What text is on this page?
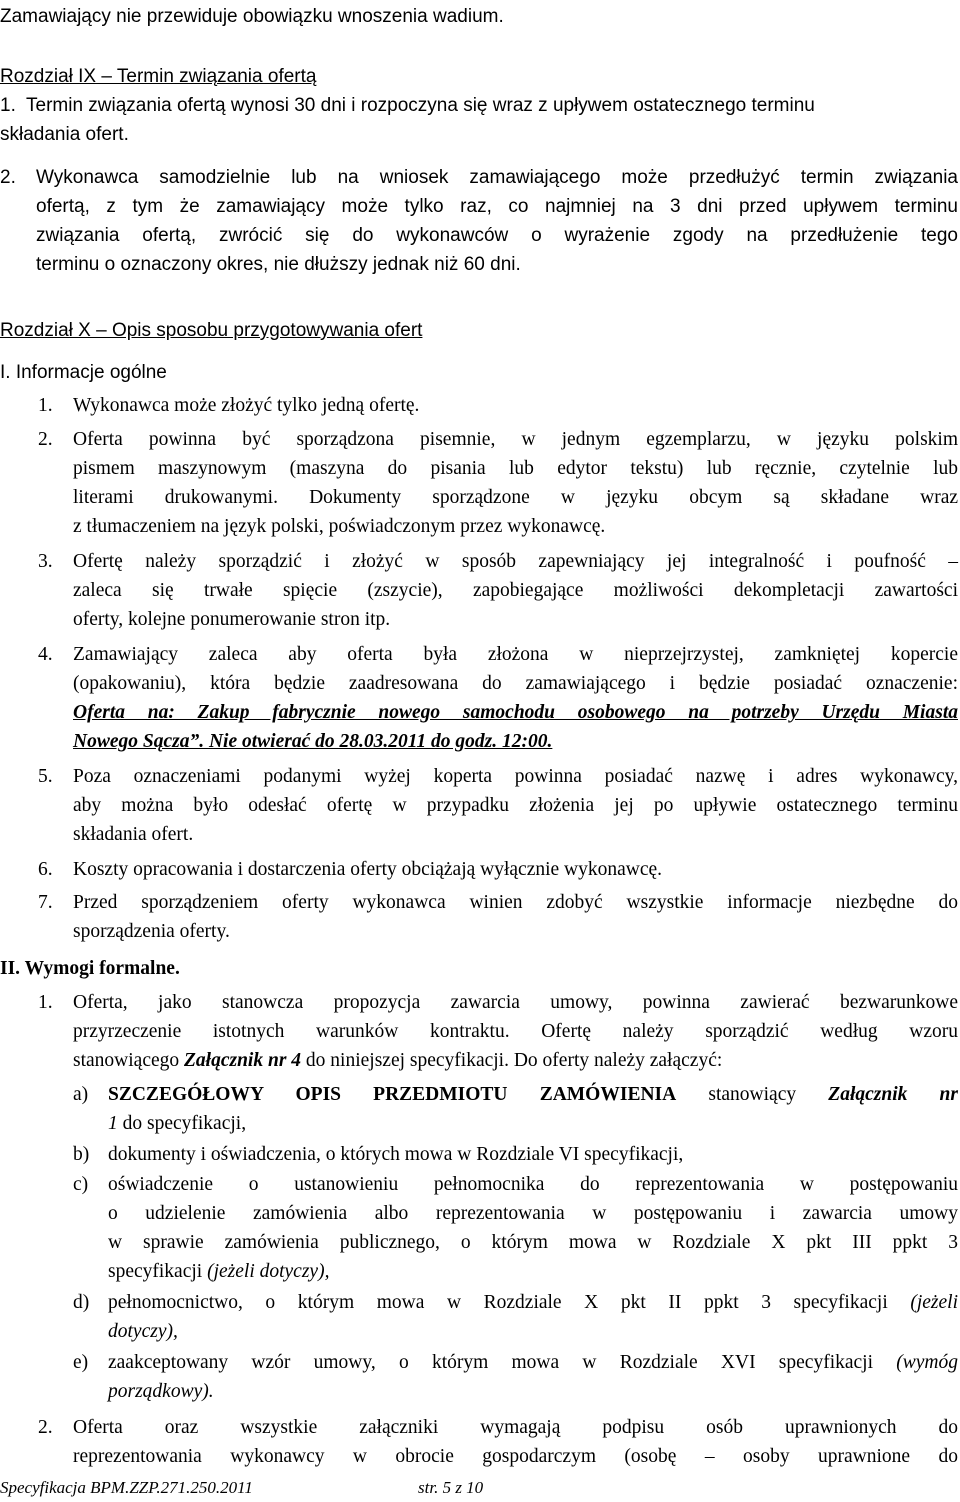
Zamawiający nie przewiduje obowiązku wnoszenia wadium.
Rozdział IX – Termin związania ofertą
1. Termin związania ofertą wynosi 30 dni i rozpoczyna się wraz z upływem ostatecznego terminu
składania ofert.
2. Wykonawca samodzielnie lub na wniosek zamawiającego może przedłużyć termin związania
ofertą, z tym że zamawiający może tylko raz, co najmniej na 3 dni przed upływem terminu
związania ofertą, zwrócić się do wykonawców o wyrażenie zgody na przedłużenie tego
terminu o oznaczony okres, nie dłuższy jednak niż 60 dni.
Rozdział X – Opis sposobu przygotowywania ofert
I. Informacje ogólne
1. Wykonawca może złożyć tylko jedną ofertę.
2. Oferta powinna być sporządzona pisemnie, w jednym egzemplarzu, w języku polskim
pismem maszynowym (maszyna do pisania lub edytor tekstu) lub ręcznie, czytelnie lub
literami drukowanymi. Dokumenty sporządzone w języku obcym są składane wraz
z tłumaczeniem na język polski, poświadczonym przez wykonawcę.
3. Ofertę należy sporządzić i złożyć w sposób zapewniający jej integralność i poufność –
zaleca się trwałe spięcie (zszycie), zapobiegające możliwości dekompletacji zawartości
oferty, kolejne ponumerowanie stron itp.
4. Zamawiający zaleca aby oferta była złożona w nieprzejrzystej, zamkniętej kopercie
(opakowaniu), która będzie zaadresowana do zamawiającego i będzie posiadać oznaczenie:
Oferta na: Zakup fabrycznie nowego samochodu osobowego na potrzeby Urzędu Miasta
Nowego Sącza”. Nie otwierać do 28.03.2011 do godz. 12:00.
5. Poza oznaczeniami podanymi wyżej koperta powinna posiadać nazwę i adres wykonawcy,
aby można było odesłać ofertę w przypadku złożenia jej po upływie ostatecznego terminu
składania ofert.
6. Koszty opracowania i dostarczenia oferty obciążają wyłącznie wykonawcę.
7. Przed sporządzeniem oferty wykonawca winien zdobyć wszystkie informacje niezbędne do
sporządzenia oferty.
II. Wymogi formalne.
1. Oferta, jako stanowcza propozycja zawarcia umowy, powinna zawierać bezwarunkowe
przyrzeczenie istotnych warunków kontraktu. Ofertę należy sporządzić według wzoru
stanowiącego Załącznik nr 4 do niniejszej specyfikacji. Do oferty należy załączyć:
a) SZCZEGÓŁOWY OPIS PRZEDMIOTU ZAMÓWIENIA stanowiący Załącznik nr
1 do specyfikacji,
b) dokumenty i oświadczenia, o których mowa w Rozdziale VI specyfikacji,
c) oświadczenie o ustanowieniu pełnomocnika do reprezentowania w postępowaniu
o udzielenie zamówienia albo reprezentowania w postępowaniu i zawarcia umowy
w sprawie zamówienia publicznego, o którym mowa w Rozdziale X pkt III ppkt 3
specyfikacji (jeżeli dotyczy),
d) pełnomocnictwo, o którym mowa w Rozdziale X pkt II ppkt 3 specyfikacji (jeżeli
dotyczy),
e) zaakceptowany wzór umowy, o którym mowa w Rozdziale XVI specyfikacji (wymóg
porządkowy).
2. Oferta oraz wszystkie załączniki wymagają podpisu osób uprawnionych do
reprezentowania wykonawcy w obrocie gospodarczym (osobę – osoby uprawnione do
Specyfikacja BPM.ZZP.271.250.2011	str. 5 z 10
